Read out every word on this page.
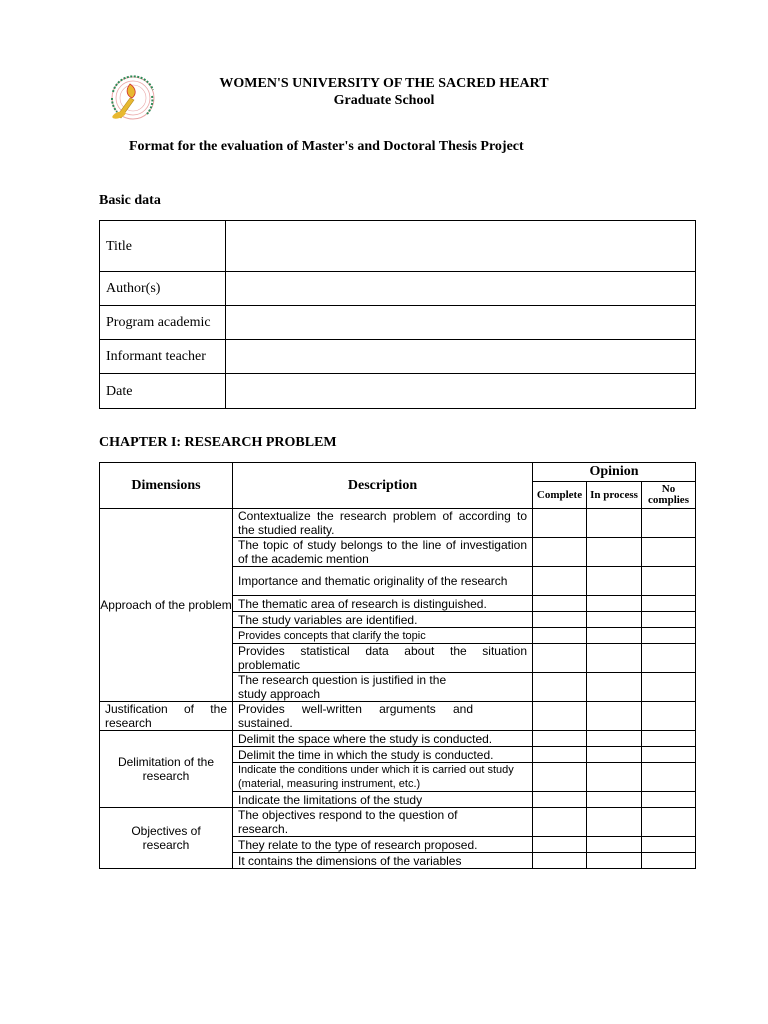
WOMEN'S UNIVERSITY OF THE SACRED HEART
Graduate School
Format for the evaluation of Master's and Doctoral Thesis Project
Basic data
Title	
Author(s)	
Program academic	
Informant teacher	
Date	
CHAPTER I: RESEARCH PROBLEM
Dimensions	Description	Opinion		
		Complete	In process	No complies
Approach of the problem	Contextualize the research problem of according to the studied reality.			
	The topic of study belongs to the line of investigation of the academic mention			
	Importance and thematic originality of the research			
	The thematic area of research is distinguished.			
	The study variables are identified.			
	Provides concepts that clarify the topic			
	Provides statistical data about the situation problematic			

	The research question is justified in the study approach			

Justification of the research	Provides well-written arguments and sustained.			

Delimitation of the research	Delimit the space where the study is conducted.			
	Delimit the time in which the study is conducted.			
	Indicate the conditions under which it is carried out study (material, measuring instrument, etc.)			
	Indicate the limitations of the study			

Objectives of research	The objectives respond to the question of research.			

	They relate to the type of research proposed.			
	It contains the dimensions of the variables			
